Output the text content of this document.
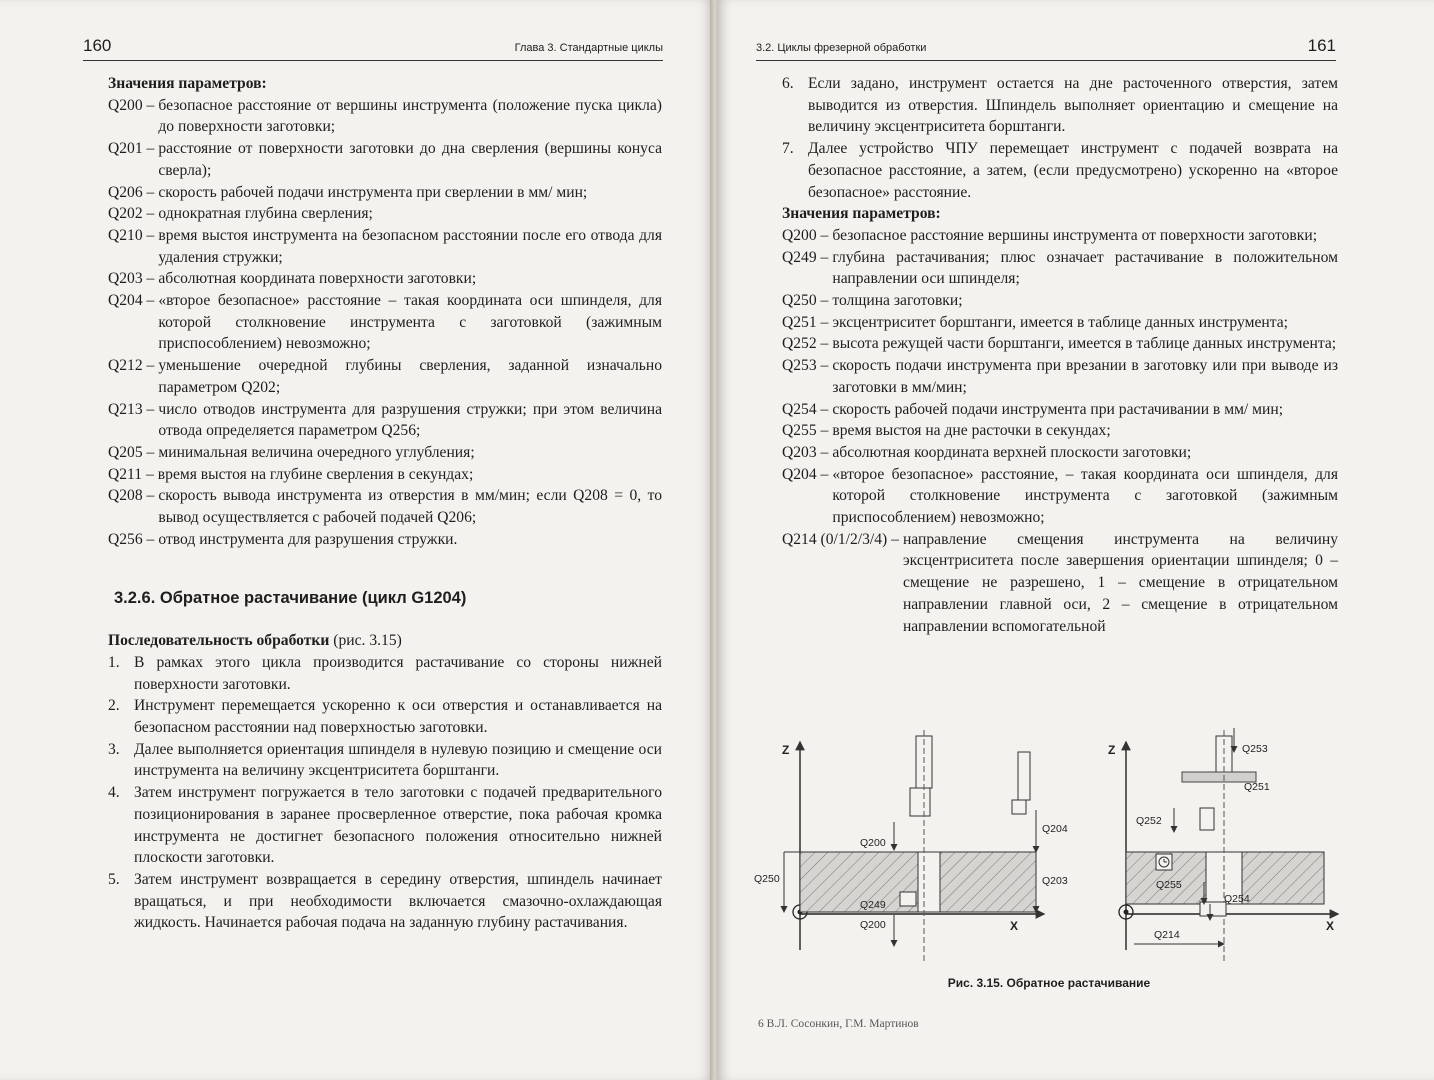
160	Глава 3. Стандартные циклы
Значения параметров:
Q200 – безопасное расстояние от вершины инструмента (положение пуска цикла) до поверхности заготовки;
Q201 – расстояние от поверхности заготовки до дна сверления (вершины конуса сверла);
Q206 – скорость рабочей подачи инструмента при сверлении в мм/ мин;
Q202 – однократная глубина сверления;
Q210 – время выстоя инструмента на безопасном расстоянии после его отвода для удаления стружки;
Q203 – абсолютная координата поверхности заготовки;
Q204 – «второе безопасное» расстояние – такая координата оси шпинделя, для которой столкновение инструмента с заготовкой (зажимным приспособлением) невозможно;
Q212 – уменьшение очередной глубины сверления, заданной изначально параметром Q202;
Q213 – число отводов инструмента для разрушения стружки; при этом величина отвода определяется параметром Q256;
Q205 – минимальная величина очередного углубления;
Q211 – время выстоя на глубине сверления в секундах;
Q208 – скорость вывода инструмента из отверстия в мм/мин; если Q208 = 0, то вывод осуществляется с рабочей подачей Q206;
Q256 – отвод инструмента для разрушения стружки.
3.2.6. Обратное растачивание (цикл G1204)
Последовательность обработки (рис. 3.15)
1. В рамках этого цикла производится растачивание со стороны нижней поверхности заготовки.
2. Инструмент перемещается ускоренно к оси отверстия и останавливается на безопасном расстоянии над поверхностью заготовки.
3. Далее выполняется ориентация шпинделя в нулевую позицию и смещение оси инструмента на величину эксцентриситета борштанги.
4. Затем инструмент погружается в тело заготовки с подачей предварительного позиционирования в заранее просверленное отверстие, пока рабочая кромка инструмента не достигнет безопасного положения относительно нижней плоскости заготовки.
5. Затем инструмент возвращается в середину отверстия, шпиндель начинает вращаться, и при необходимости включается смазочно-охлаждающая жидкость. Начинается рабочая подача на заданную глубину растачивания.
3.2. Циклы фрезерной обработки	161
6. Если задано, инструмент остается на дне расточенного отверстия, затем выводится из отверстия. Шпиндель выполняет ориентацию и смещение на величину эксцентриситета борштанги.
7. Далее устройство ЧПУ перемещает инструмент с подачей возврата на безопасное расстояние, а затем, (если предусмотрено) ускоренно на «второе безопасное» расстояние.
Значения параметров:
Q200 – безопасное расстояние вершины инструмента от поверхности заготовки;
Q249 – глубина растачивания; плюс означает растачивание в положительном направлении оси шпинделя;
Q250 – толщина заготовки;
Q251 – эксцентриситет борштанги, имеется в таблице данных инструмента;
Q252 – высота режущей части борштанги, имеется в таблице данных инструмента;
Q253 – скорость подачи инструмента при врезании в заготовку или при выводе из заготовки в мм/мин;
Q254 – скорость рабочей подачи инструмента при растачивании в мм/ мин;
Q255 – время выстоя на дне расточки в секундах;
Q203 – абсолютная координата верхней плоскости заготовки;
Q204 – «второе безопасное» расстояние, – такая координата оси шпинделя, для которой столкновение инструмента с заготовкой (зажимным приспособлением) невозможно;
Q214 (0/1/2/3/4) – направление смещения инструмента на величину эксцентриситета после завершения ориентации шпинделя; 0 – смещение не разрешено, 1 – смещение в отрицательном направлении главной оси, 2 – смещение в отрицательном направлении вспомогательной
Z
X
Q200
Q204
Q250	Q203
Q249
Q200
Z
X
Q253
Q251
Q252
Q255
Q254
Q214
Рис. 3.15. Обратное растачивание
6 В.Л. Сосонкин, Г.М. Мартинов
